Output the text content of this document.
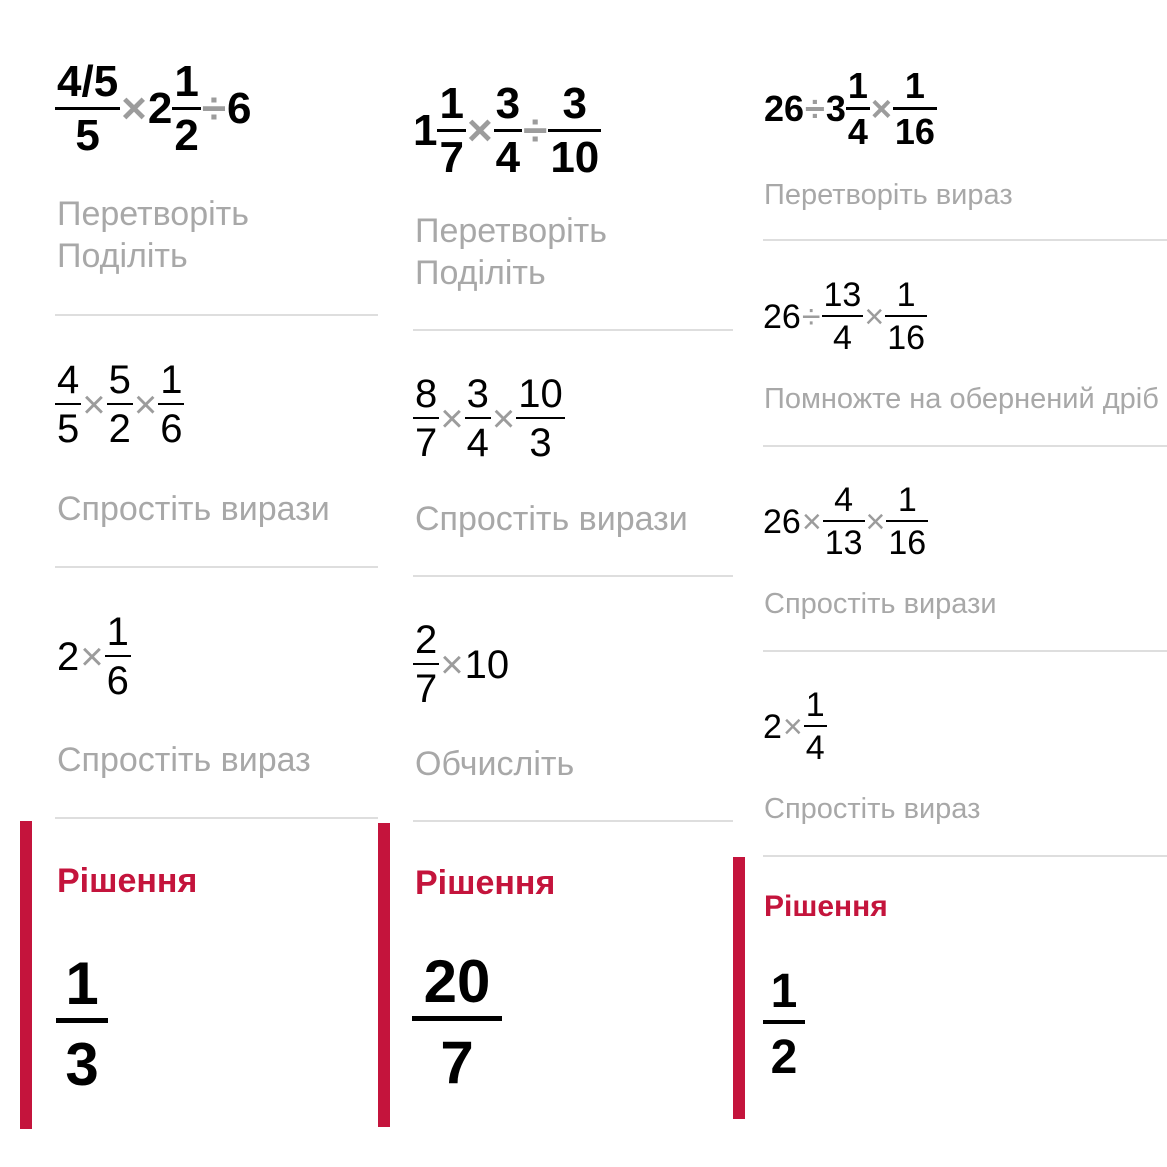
$\frac{4/5}{5} \times 2 \frac{1}{2} \div 6$
Перетворіть
Поділіть
$\frac{4}{5} \times \frac{5}{2} \times \frac{1}{6}$
Спростіть вирази
$2 \times \frac{1}{6}$
Спростіть вираз
Рішення
1
3
$1 \frac{1}{7} \times \frac{3}{4} \div \frac{3}{10}$
Перетворіть
Поділіть
$\frac{8}{7} \times \frac{3}{4} \times \frac{10}{3}$
Спростіть вирази
$\frac{2}{7} \times 10$
Обчисліть
Рішення
20
7
$26 \div 3 \frac{1}{4} \times \frac{1}{16}$
Перетворіть вираз
$26 \div \frac{13}{4} \times \frac{1}{16}$
Помножте на обернений дріб
$26 \times \frac{4}{13} \times \frac{1}{16}$
Спростіть вирази
$2 \times \frac{1}{4}$
Спростіть вираз
Рішення
1
2
